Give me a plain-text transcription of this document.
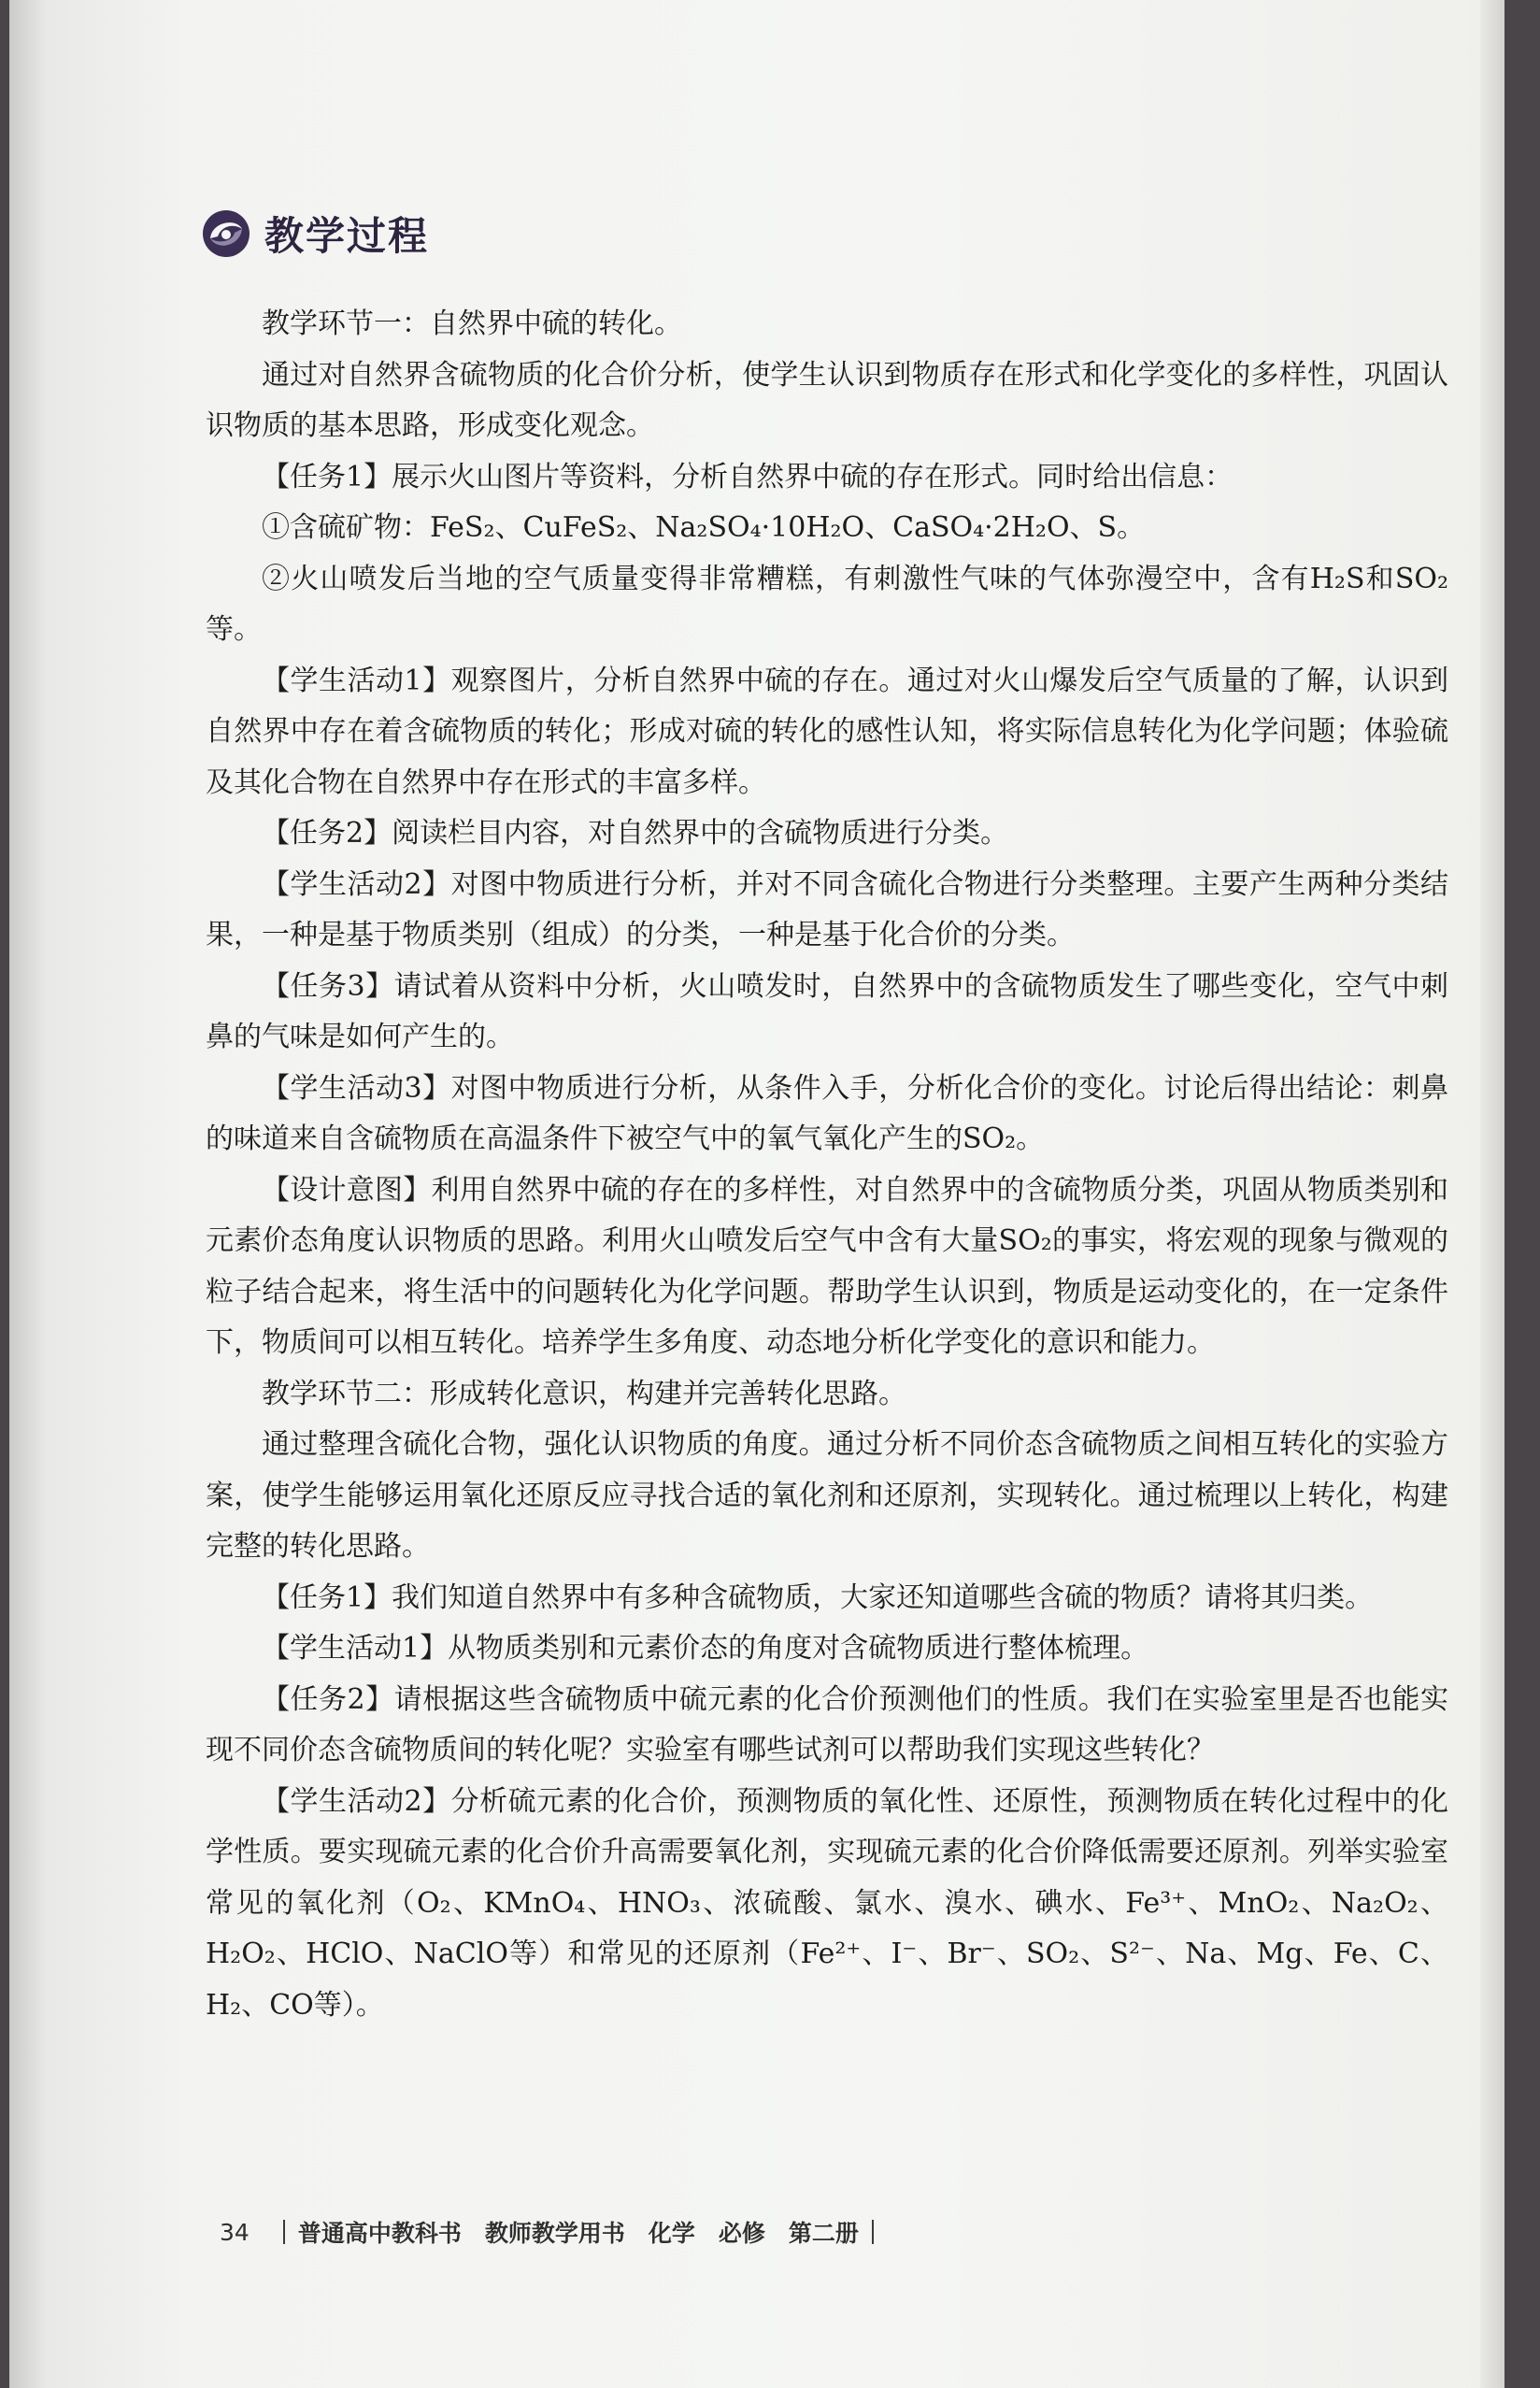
教学过程

教学环节一：自然界中硫的转化。

通过对自然界含硫物质的化合价分析，使学生认识到物质存在形式和化学变化的多样性，巩固认识物质的基本思路，形成变化观念。

【任务1】展示火山图片等资料，分析自然界中硫的存在形式。同时给出信息：

①含硫矿物：FeS₂、CuFeS₂、Na₂SO₄·10H₂O、CaSO₄·2H₂O、S。

②火山喷发后当地的空气质量变得非常糟糕，有刺激性气味的气体弥漫空中，含有H₂S和SO₂等。

【学生活动1】观察图片，分析自然界中硫的存在。通过对火山爆发后空气质量的了解，认识到自然界中存在着含硫物质的转化；形成对硫的转化的感性认知，将实际信息转化为化学问题；体验硫及其化合物在自然界中存在形式的丰富多样。

【任务2】阅读栏目内容，对自然界中的含硫物质进行分类。

【学生活动2】对图中物质进行分析，并对不同含硫化合物进行分类整理。主要产生两种分类结果，一种是基于物质类别（组成）的分类，一种是基于化合价的分类。

【任务3】请试着从资料中分析，火山喷发时，自然界中的含硫物质发生了哪些变化，空气中刺鼻的气味是如何产生的。

【学生活动3】对图中物质进行分析，从条件入手，分析化合价的变化。讨论后得出结论：刺鼻的味道来自含硫物质在高温条件下被空气中的氧气氧化产生的SO₂。

【设计意图】利用自然界中硫的存在的多样性，对自然界中的含硫物质分类，巩固从物质类别和元素价态角度认识物质的思路。利用火山喷发后空气中含有大量SO₂的事实，将宏观的现象与微观的粒子结合起来，将生活中的问题转化为化学问题。帮助学生认识到，物质是运动变化的，在一定条件下，物质间可以相互转化。培养学生多角度、动态地分析化学变化的意识和能力。

教学环节二：形成转化意识，构建并完善转化思路。

通过整理含硫化合物，强化认识物质的角度。通过分析不同价态含硫物质之间相互转化的实验方案，使学生能够运用氧化还原反应寻找合适的氧化剂和还原剂，实现转化。通过梳理以上转化，构建完整的转化思路。

【任务1】我们知道自然界中有多种含硫物质，大家还知道哪些含硫的物质？请将其归类。

【学生活动1】从物质类别和元素价态的角度对含硫物质进行整体梳理。

【任务2】请根据这些含硫物质中硫元素的化合价预测他们的性质。我们在实验室里是否也能实现不同价态含硫物质间的转化呢？实验室有哪些试剂可以帮助我们实现这些转化？

【学生活动2】分析硫元素的化合价，预测物质的氧化性、还原性，预测物质在转化过程中的化学性质。要实现硫元素的化合价升高需要氧化剂，实现硫元素的化合价降低需要还原剂。列举实验室常见的氧化剂（O₂、KMnO₄、HNO₃、浓硫酸、氯水、溴水、碘水、Fe³⁺、MnO₂、Na₂O₂、H₂O₂、HClO、NaClO等）和常见的还原剂（Fe²⁺、I⁻、Br⁻、SO₂、S²⁻、Na、Mg、Fe、C、H₂、CO等）。

34 普通高中教科书　教师教学用书　化学　必修　第二册
